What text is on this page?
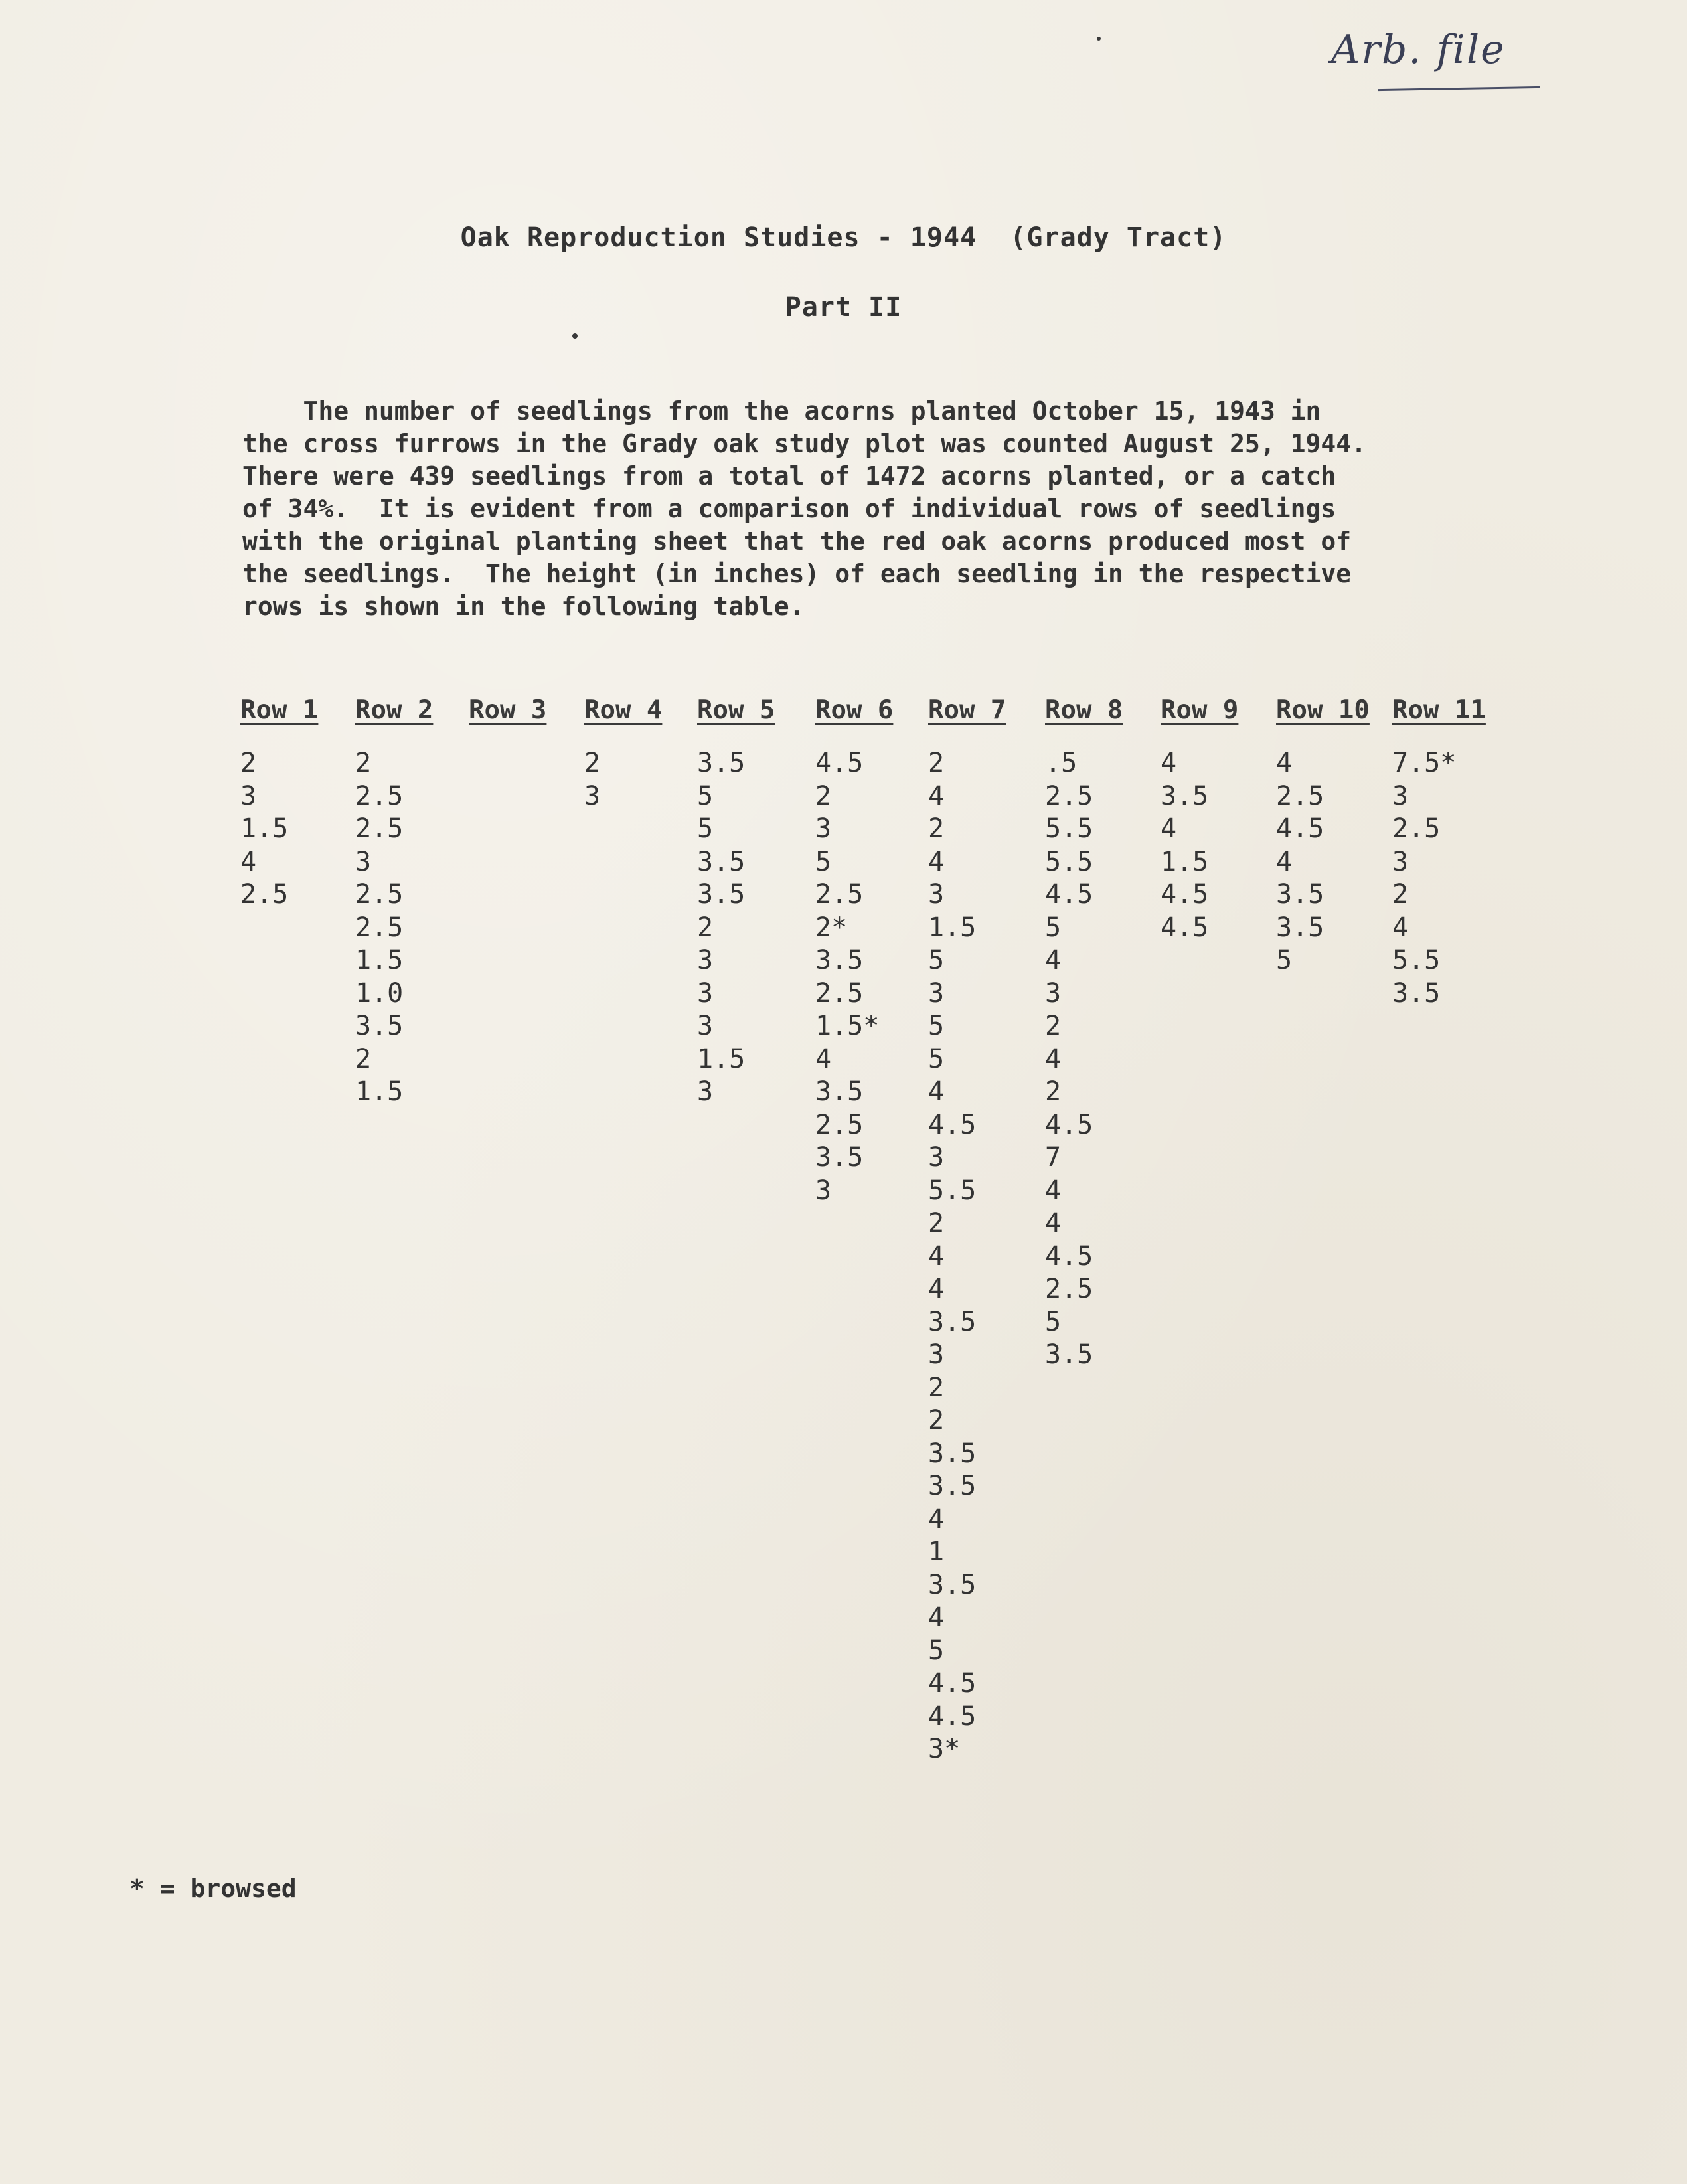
Arb. file
Oak Reproduction Studies - 1944  (Grady Tract)
Part II
The number of seedlings from the acorns planted October 15, 1943 in
the cross furrows in the Grady oak study plot was counted August 25, 1944.
There were 439 seedlings from a total of 1472 acorns planted, or a catch
of 34%.  It is evident from a comparison of individual rows of seedlings
with the original planting sheet that the red oak acorns produced most of
the seedlings.  The height (in inches) of each seedling in the respective
rows is shown in the following table.
Row 1
2
3
1.5
4
2.5
Row 2
2
2.5
2.5
3
2.5
2.5
1.5
1.0
3.5
2
1.5
Row 3 Row 4
2
3
Row 5
3.5
5
5
3.5
3.5
2
3
3
3
1.5
3
Row 6
4.5
2
3
5
2.5
2*
3.5
2.5
1.5*
4
3.5
2.5
3.5
3
Row 7
2
4
2
4
3
1.5
5
3
5
5
4
4.5
3
5.5
2
4
4
3.5
3
2
2
3.5
3.5
4
1
3.5
4
5
4.5
4.5
3*
Row 8
.5
2.5
5.5
5.5
4.5
5
4
3
2
4
2
4.5
7
4
4
4.5
2.5
5
3.5
Row 9
4
3.5
4
1.5
4.5
4.5
Row 10
4
2.5
4.5
4
3.5
3.5
5
Row 11
7.5*
3
2.5
3
2
4
5.5
3.5
* = browsed
